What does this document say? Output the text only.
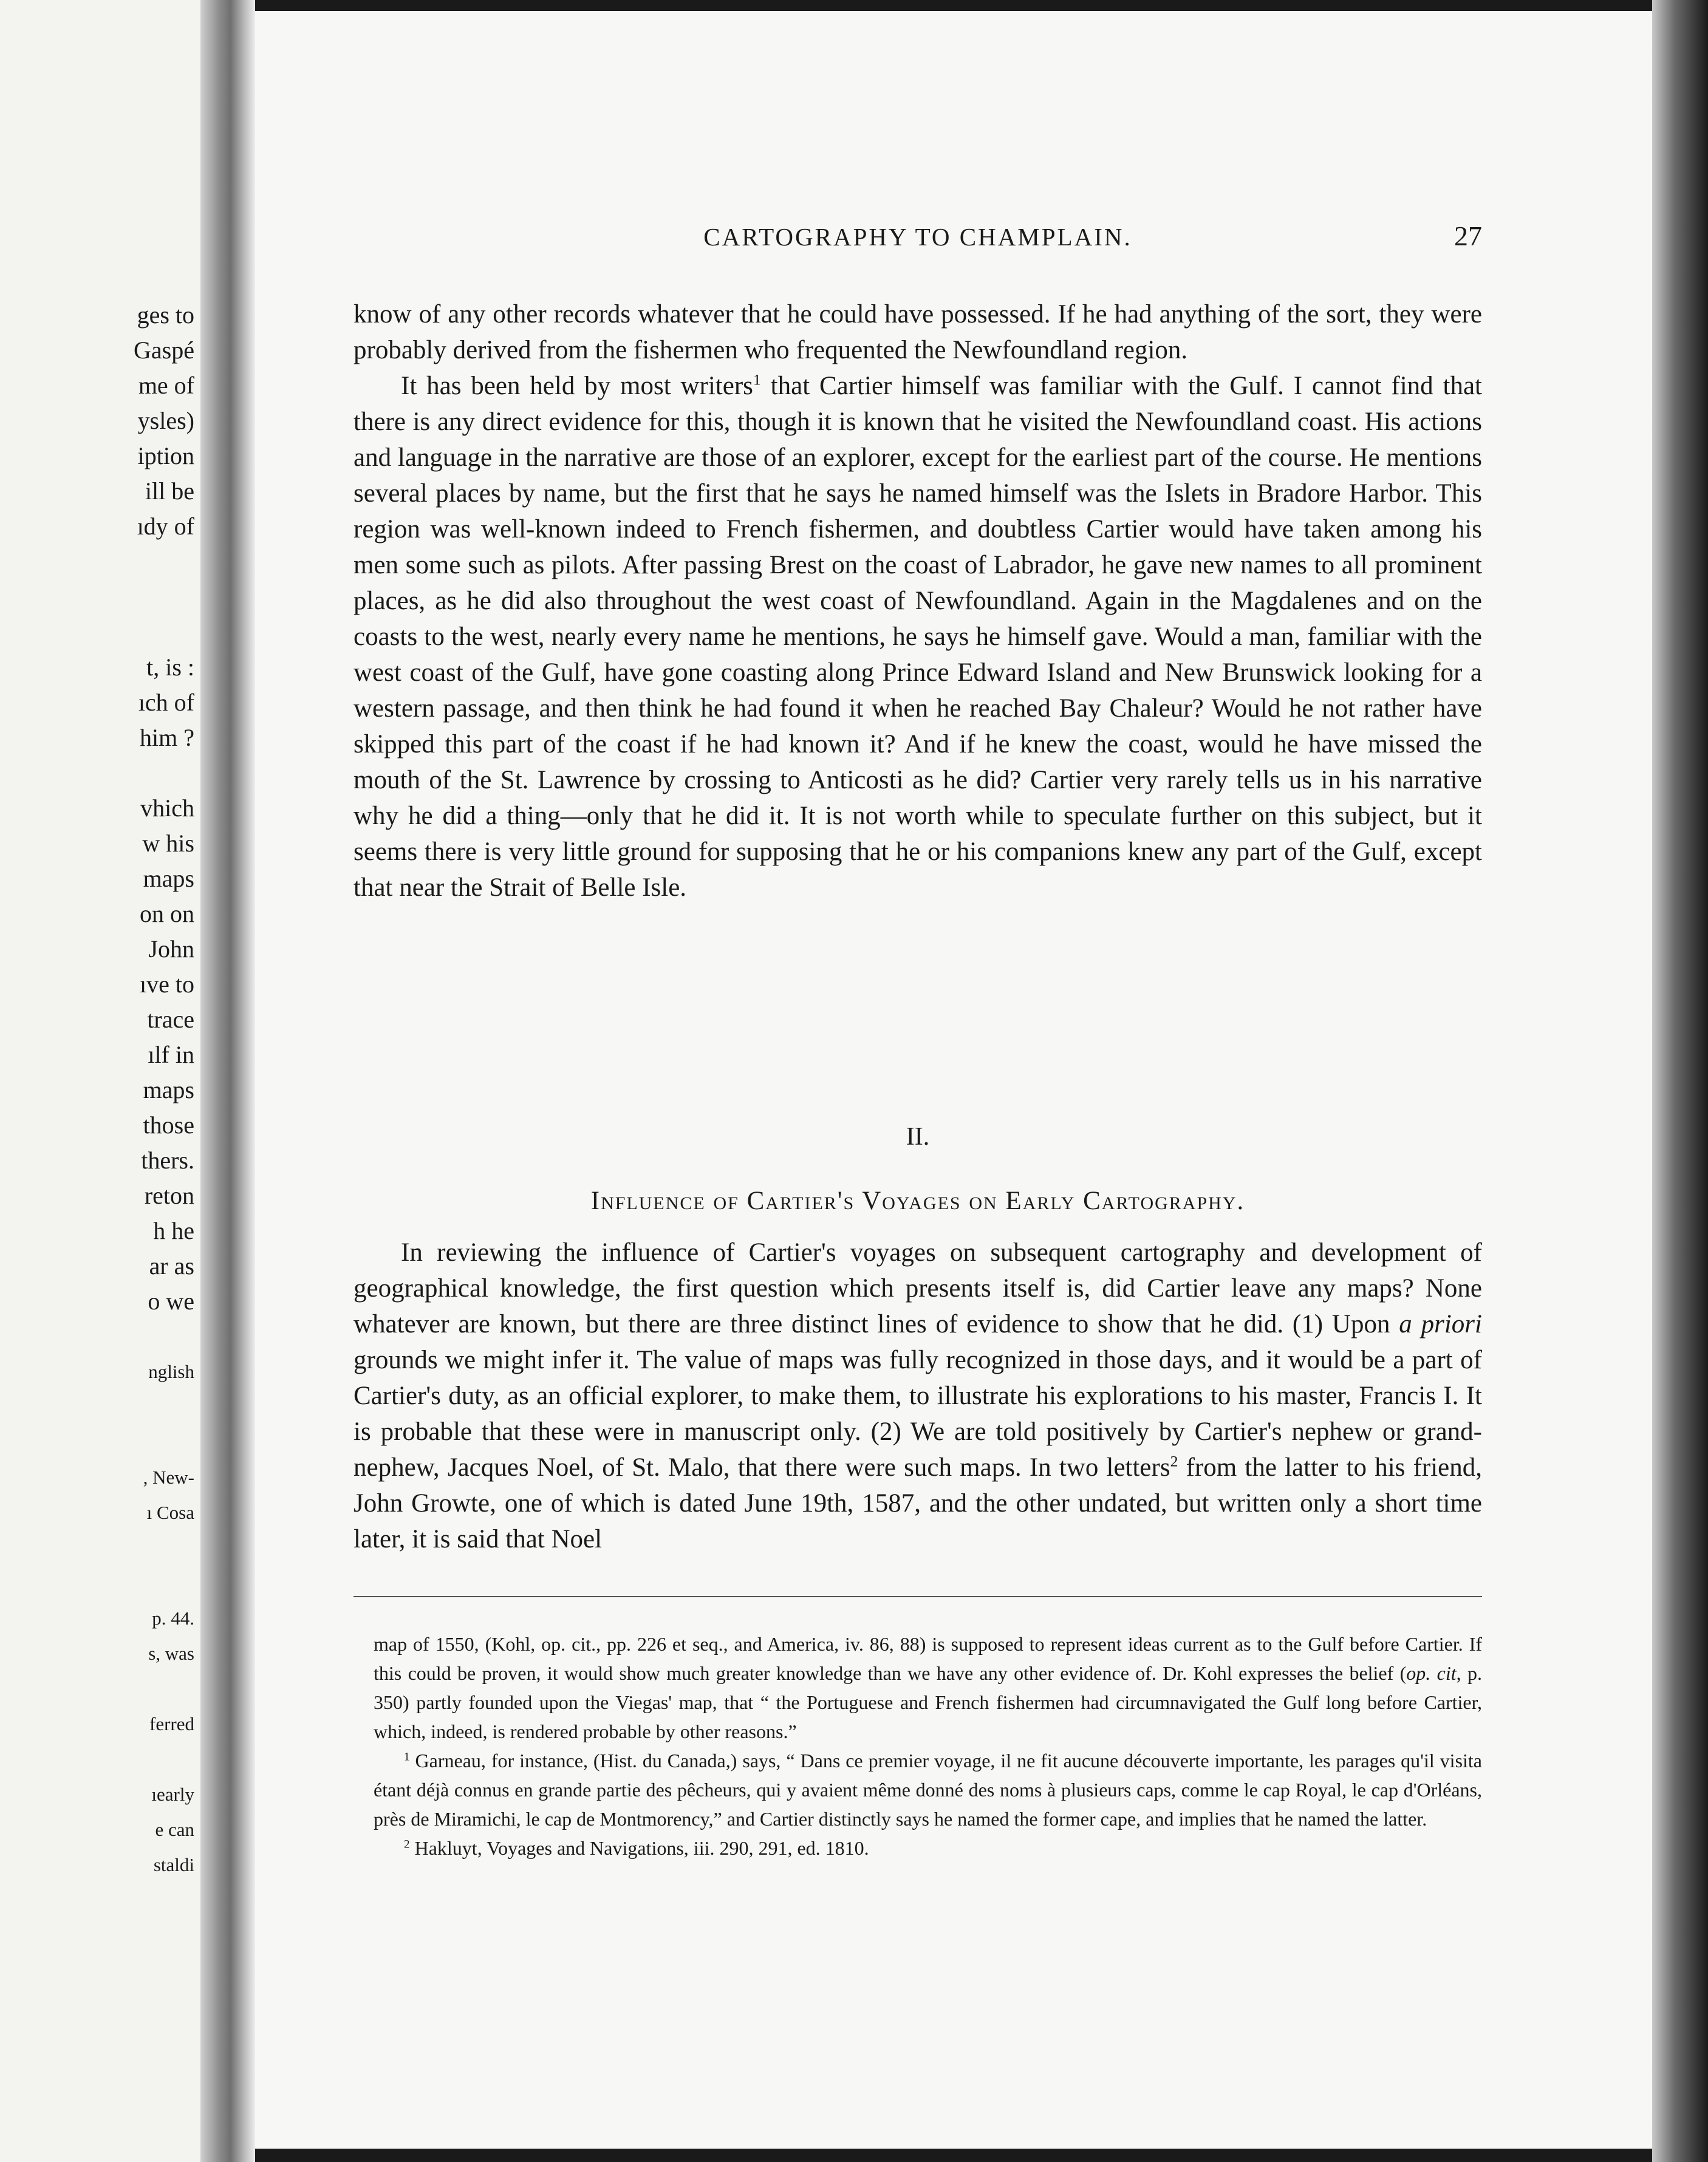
ges to
Gaspé
me of
ysles)
iption
ill be
ıdy of

t, is :
ıch of
him ?

vhich
w his
maps
on on
John
ıve to
trace
ılf in
maps
those
thers.
reton
h he
ar as
o we

nglish

, New-
ı Cosa

p. 44.
s, was

ferred

ıearly
e can
staldi
CARTOGRAPHY TO CHAMPLAIN.	27

know of any other records whatever that he could have possessed. If he had anything of the sort, they were probably derived from the fishermen who frequented the Newfoundland region.

It has been held by most writers$^1$ that Cartier himself was familiar with the Gulf. I cannot find that there is any direct evidence for this, though it is known that he visited the Newfoundland coast. His actions and language in the narrative are those of an explorer, except for the earliest part of the course. He mentions several places by name, but the first that he says he named himself was the Islets in Bradore Harbor. This region was well-known indeed to French fishermen, and doubtless Cartier would have taken among his men some such as pilots. After passing Brest on the coast of Labrador, he gave new names to all prominent places, as he did also throughout the west coast of Newfoundland. Again in the Magdalenes and on the coasts to the west, nearly every name he mentions, he says he himself gave. Would a man, familiar with the west coast of the Gulf, have gone coasting along Prince Edward Island and New Brunswick looking for a western passage, and then think he had found it when he reached Bay Chaleur? Would he not rather have skipped this part of the coast if he had known it? And if he knew the coast, would he have missed the mouth of the St. Lawrence by crossing to Anticosti as he did? Cartier very rarely tells us in his narrative why he did a thing—only that he did it. It is not worth while to speculate further on this subject, but it seems there is very little ground for supposing that he or his companions knew any part of the Gulf, except that near the Strait of Belle Isle.

II.
Influence of Cartier's Voyages on Early Cartography.

In reviewing the influence of Cartier's voyages on subsequent cartography and development of geographical knowledge, the first question which presents itself is, did Cartier leave any maps? None whatever are known, but there are three distinct lines of evidence to show that he did. (1) Upon a priori grounds we might infer it. The value of maps was fully recognized in those days, and it would be a part of Cartier's duty, as an official explorer, to make them, to illustrate his explorations to his master, Francis I. It is probable that these were in manuscript only. (2) We are told positively by Cartier's nephew or grand-nephew, Jacques Noel, of St. Malo, that there were such maps. In two letters$^2$ from the latter to his friend, John Growte, one of which is dated June 19th, 1587, and the other undated, but written only a short time later, it is said that Noel

map of 1550, (Kohl, op. cit., pp. 226 et seq., and America, iv. 86, 88) is supposed to represent ideas current as to the Gulf before Cartier. If this could be proven, it would show much greater knowledge than we have any other evidence of. Dr. Kohl expresses the belief (op. cit, p. 350) partly founded upon the Viegas' map, that “ the Portuguese and French fishermen had circumnavigated the Gulf long before Cartier, which, indeed, is rendered probable by other reasons.”

$^1$ Garneau, for instance, (Hist. du Canada,) says, “ Dans ce premier voyage, il ne fit aucune découverte importante, les parages qu'il visita étant déjà connus en grande partie des pêcheurs, qui y avaient même donné des noms à plusieurs caps, comme le cap Royal, le cap d'Orléans, près de Miramichi, le cap de Montmorency,” and Cartier distinctly says he named the former cape, and implies that he named the latter.

$^2$ Hakluyt, Voyages and Navigations, iii. 290, 291, ed. 1810.
